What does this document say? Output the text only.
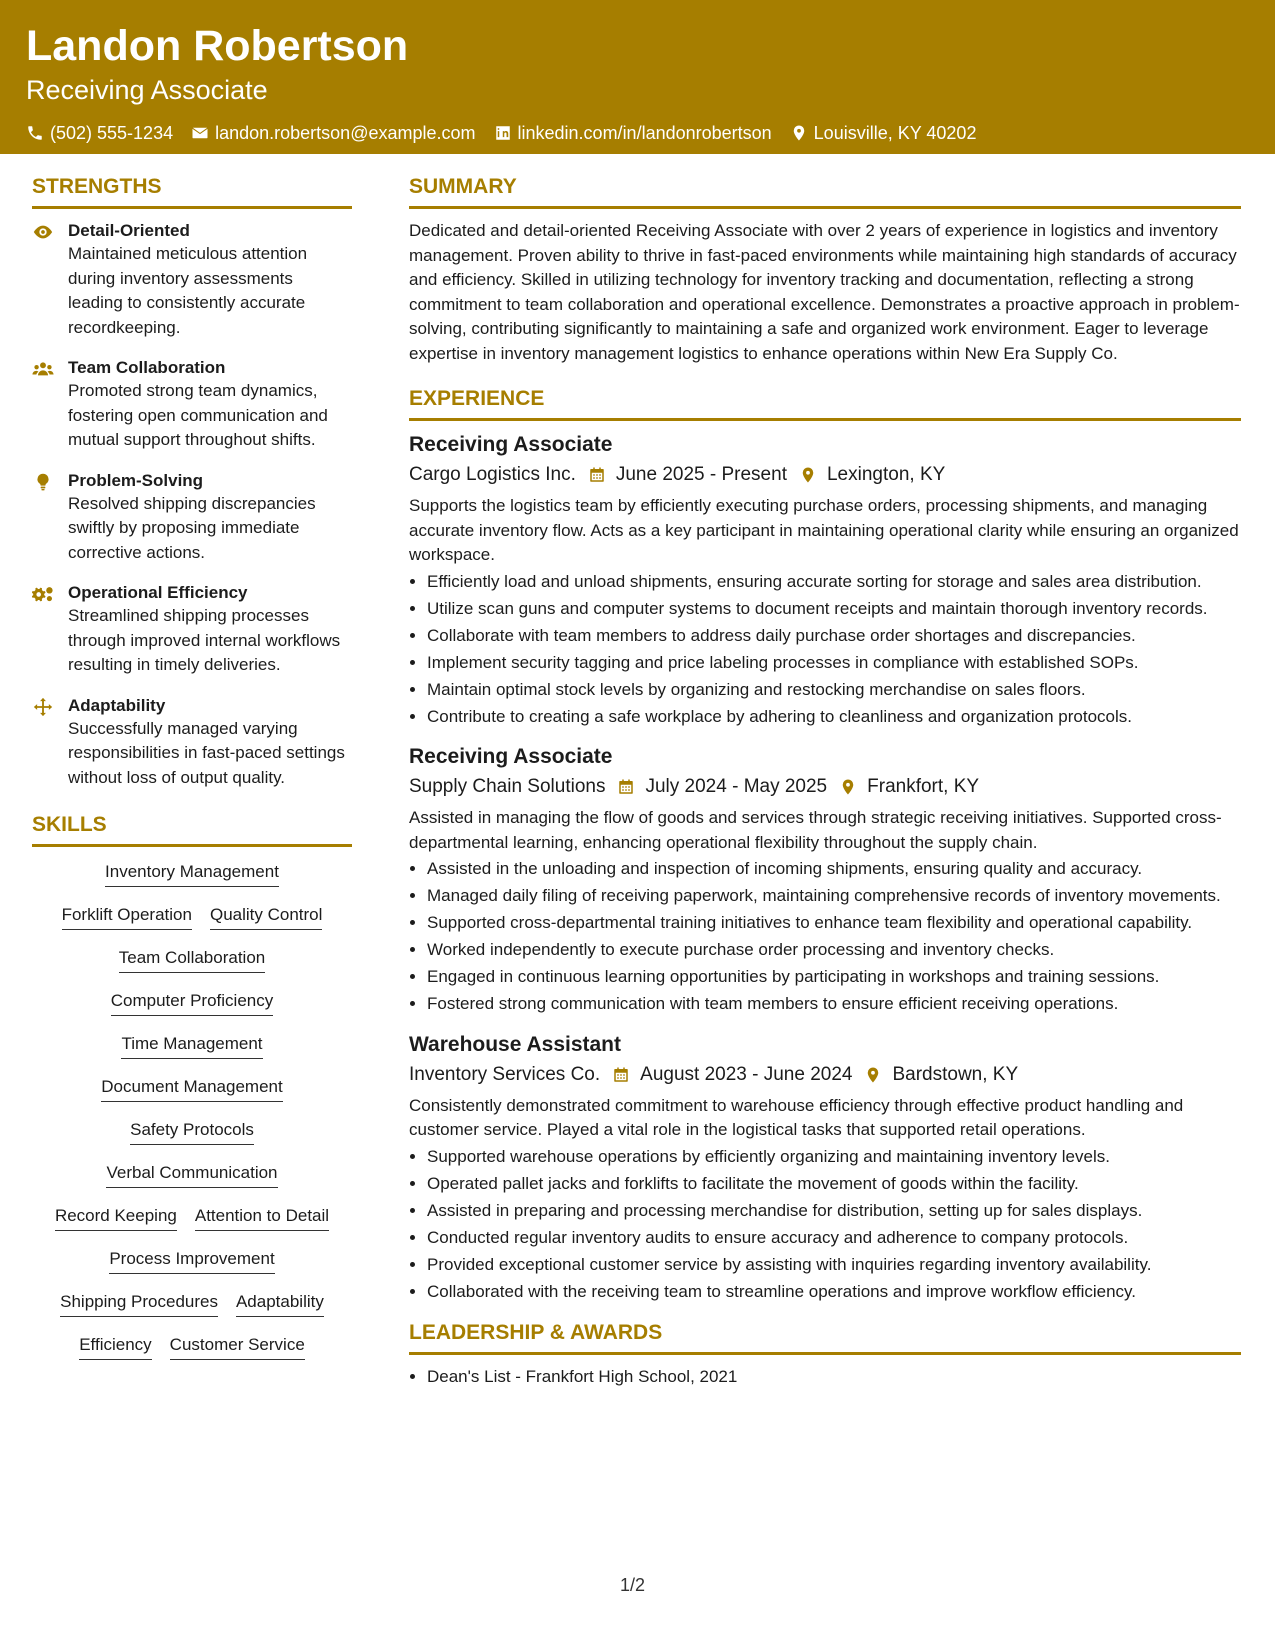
Landon Robertson
Receiving Associate
(502) 555-1234 landon.robertson@example.com linkedin.com/in/landonrobertson Louisville, KY 40202
STRENGTHS
Detail-Oriented
Maintained meticulous attention during inventory assessments leading to consistently accurate recordkeeping.
Team Collaboration
Promoted strong team dynamics, fostering open communication and mutual support throughout shifts.
Problem-Solving
Resolved shipping discrepancies swiftly by proposing immediate corrective actions.
Operational Efficiency
Streamlined shipping processes through improved internal workflows resulting in timely deliveries.
Adaptability
Successfully managed varying responsibilities in fast-paced settings without loss of output quality.
SKILLS
Inventory Management
Forklift Operation Quality Control
Team Collaboration
Computer Proficiency
Time Management
Document Management
Safety Protocols
Verbal Communication
Record Keeping Attention to Detail
Process Improvement
Shipping Procedures Adaptability
Efficiency Customer Service
SUMMARY
Dedicated and detail-oriented Receiving Associate with over 2 years of experience in logistics and inventory management. Proven ability to thrive in fast-paced environments while maintaining high standards of accuracy and efficiency. Skilled in utilizing technology for inventory tracking and documentation, reflecting a strong commitment to team collaboration and operational excellence. Demonstrates a proactive approach in problem-solving, contributing significantly to maintaining a safe and organized work environment. Eager to leverage expertise in inventory management logistics to enhance operations within New Era Supply Co.
EXPERIENCE
Receiving Associate
Cargo Logistics Inc. June 2025 - Present Lexington, KY
Supports the logistics team by efficiently executing purchase orders, processing shipments, and managing accurate inventory flow. Acts as a key participant in maintaining operational clarity while ensuring an organized workspace.
• Efficiently load and unload shipments, ensuring accurate sorting for storage and sales area distribution.
• Utilize scan guns and computer systems to document receipts and maintain thorough inventory records.
• Collaborate with team members to address daily purchase order shortages and discrepancies.
• Implement security tagging and price labeling processes in compliance with established SOPs.
• Maintain optimal stock levels by organizing and restocking merchandise on sales floors.
• Contribute to creating a safe workplace by adhering to cleanliness and organization protocols.
Receiving Associate
Supply Chain Solutions July 2024 - May 2025 Frankfort, KY
Assisted in managing the flow of goods and services through strategic receiving initiatives. Supported cross-departmental learning, enhancing operational flexibility throughout the supply chain.
• Assisted in the unloading and inspection of incoming shipments, ensuring quality and accuracy.
• Managed daily filing of receiving paperwork, maintaining comprehensive records of inventory movements.
• Supported cross-departmental training initiatives to enhance team flexibility and operational capability.
• Worked independently to execute purchase order processing and inventory checks.
• Engaged in continuous learning opportunities by participating in workshops and training sessions.
• Fostered strong communication with team members to ensure efficient receiving operations.
Warehouse Assistant
Inventory Services Co. August 2023 - June 2024 Bardstown, KY
Consistently demonstrated commitment to warehouse efficiency through effective product handling and customer service. Played a vital role in the logistical tasks that supported retail operations.
• Supported warehouse operations by efficiently organizing and maintaining inventory levels.
• Operated pallet jacks and forklifts to facilitate the movement of goods within the facility.
• Assisted in preparing and processing merchandise for distribution, setting up for sales displays.
• Conducted regular inventory audits to ensure accuracy and adherence to company protocols.
• Provided exceptional customer service by assisting with inquiries regarding inventory availability.
• Collaborated with the receiving team to streamline operations and improve workflow efficiency.
LEADERSHIP & AWARDS
• Dean's List - Frankfort High School, 2021
1/2
